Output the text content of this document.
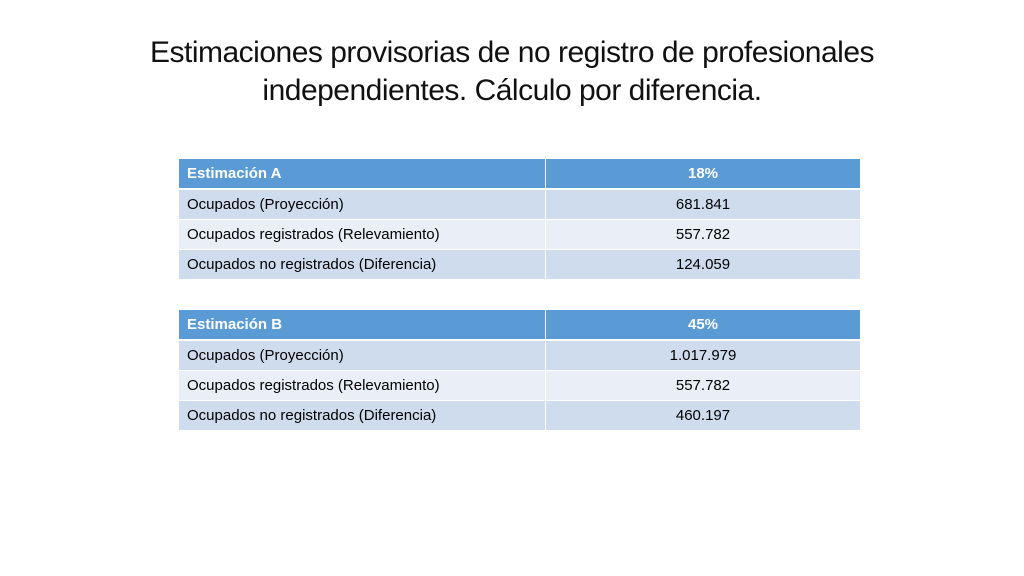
Estimaciones provisorias de no registro de profesionales
independientes. Cálculo por diferencia.
Estimación A	18%
Ocupados (Proyección)	681.841
Ocupados registrados (Relevamiento)	557.782
Ocupados no registrados (Diferencia)	124.059
Estimación B	45%
Ocupados (Proyección)	1.017.979
Ocupados registrados (Relevamiento)	557.782
Ocupados no registrados (Diferencia)	460.197
